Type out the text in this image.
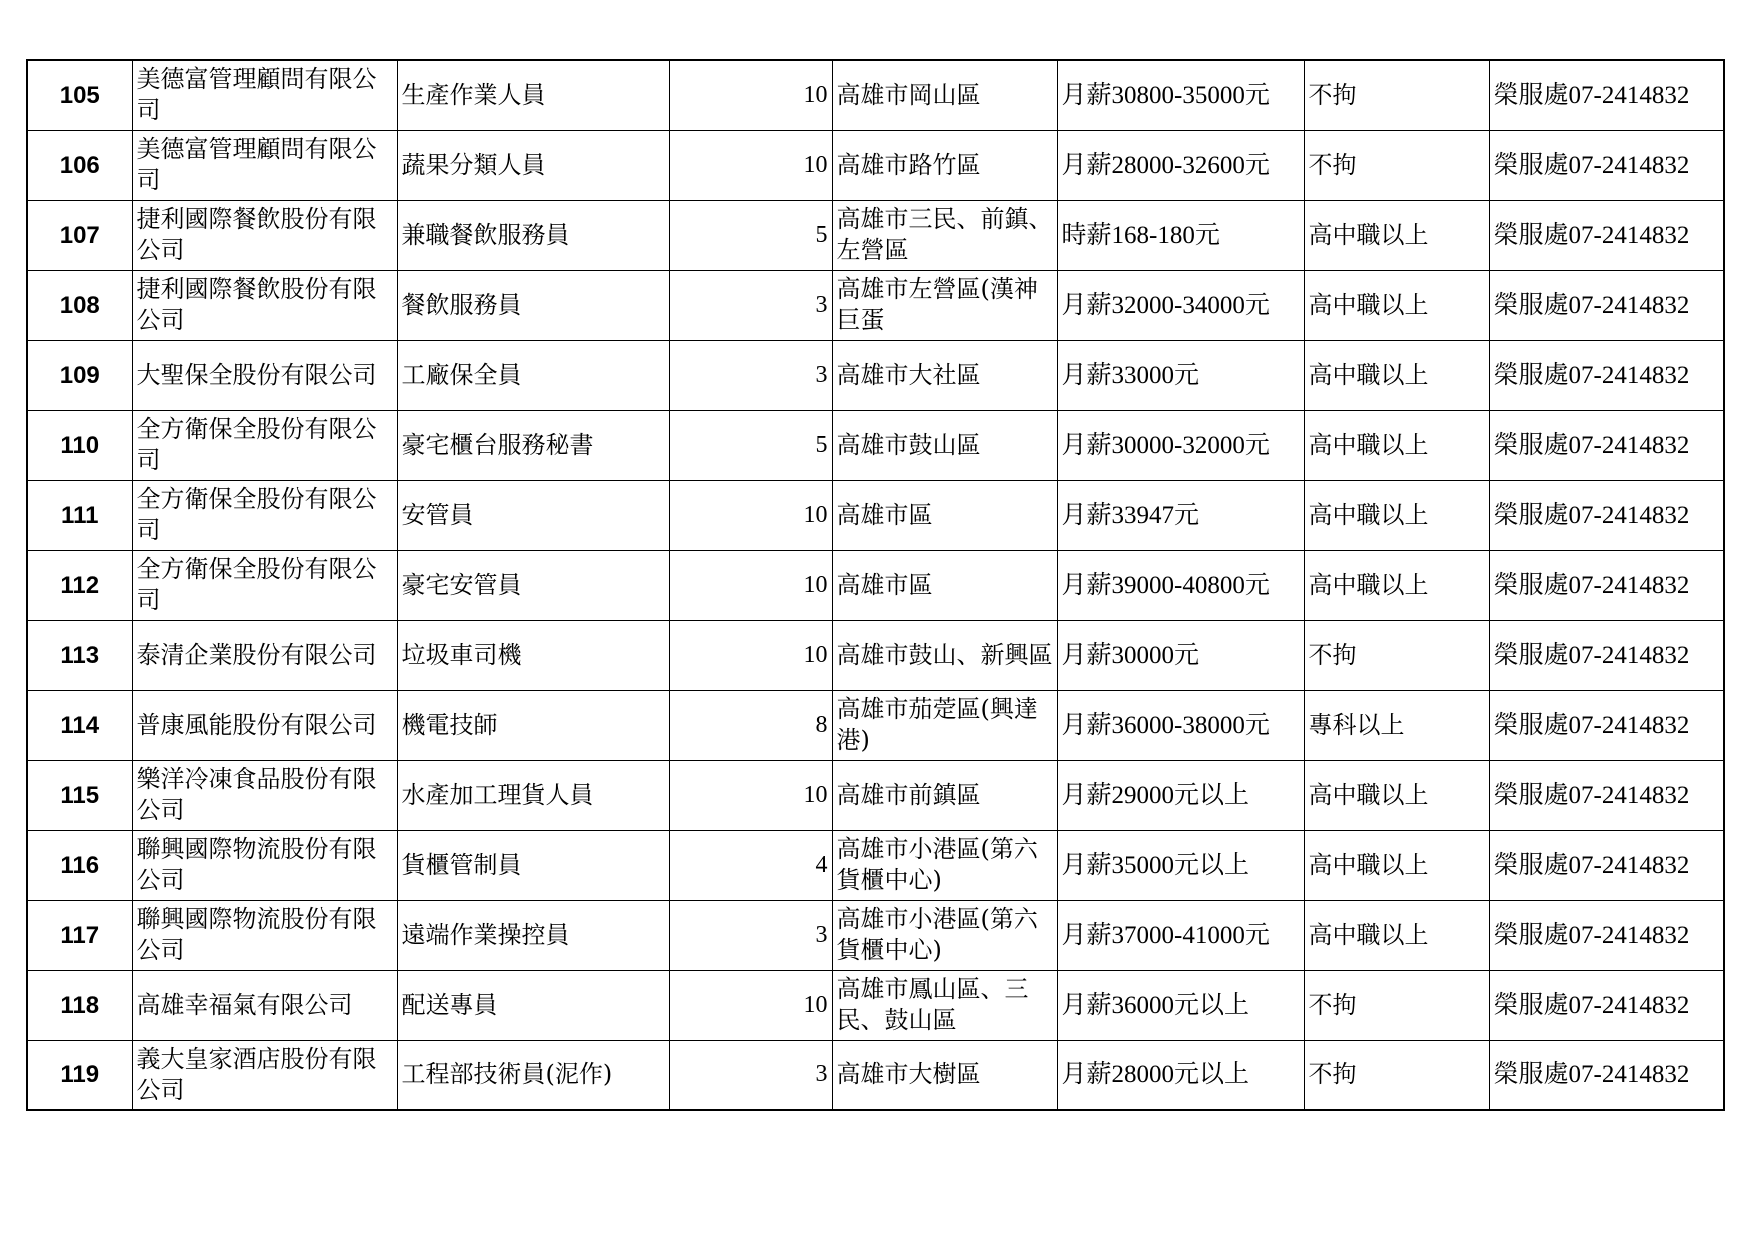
105	美德富管理顧問有限公司	生產作業人員	10	高雄市岡山區	月薪30800-35000元	不拘	榮服處07-2414832
106	美德富管理顧問有限公司	蔬果分類人員	10	高雄市路竹區	月薪28000-32600元	不拘	榮服處07-2414832
107	捷利國際餐飲股份有限公司	兼職餐飲服務員	5	高雄市三民、前鎮、左營區	時薪168-180元	高中職以上	榮服處07-2414832
108	捷利國際餐飲股份有限公司	餐飲服務員	3	高雄市左營區(漢神巨蛋	月薪32000-34000元	高中職以上	榮服處07-2414832
109	大聖保全股份有限公司	工廠保全員	3	高雄市大社區	月薪33000元	高中職以上	榮服處07-2414832
110	全方衛保全股份有限公司	豪宅櫃台服務秘書	5	高雄市鼓山區	月薪30000-32000元	高中職以上	榮服處07-2414832
111	全方衛保全股份有限公司	安管員	10	高雄市區	月薪33947元	高中職以上	榮服處07-2414832
112	全方衛保全股份有限公司	豪宅安管員	10	高雄市區	月薪39000-40800元	高中職以上	榮服處07-2414832
113	泰清企業股份有限公司	垃圾車司機	10	高雄市鼓山、新興區	月薪30000元	不拘	榮服處07-2414832
114	普康風能股份有限公司	機電技師	8	高雄市茄萣區(興達港)	月薪36000-38000元	專科以上	榮服處07-2414832
115	樂洋冷凍食品股份有限公司	水產加工理貨人員	10	高雄市前鎮區	月薪29000元以上	高中職以上	榮服處07-2414832
116	聯興國際物流股份有限公司	貨櫃管制員	4	高雄市小港區(第六貨櫃中心)	月薪35000元以上	高中職以上	榮服處07-2414832
117	聯興國際物流股份有限公司	遠端作業操控員	3	高雄市小港區(第六貨櫃中心)	月薪37000-41000元	高中職以上	榮服處07-2414832
118	高雄幸福氣有限公司	配送專員	10	高雄市鳳山區、三民、鼓山區	月薪36000元以上	不拘	榮服處07-2414832
119	義大皇家酒店股份有限公司	工程部技術員(泥作)	3	高雄市大樹區	月薪28000元以上	不拘	榮服處07-2414832
